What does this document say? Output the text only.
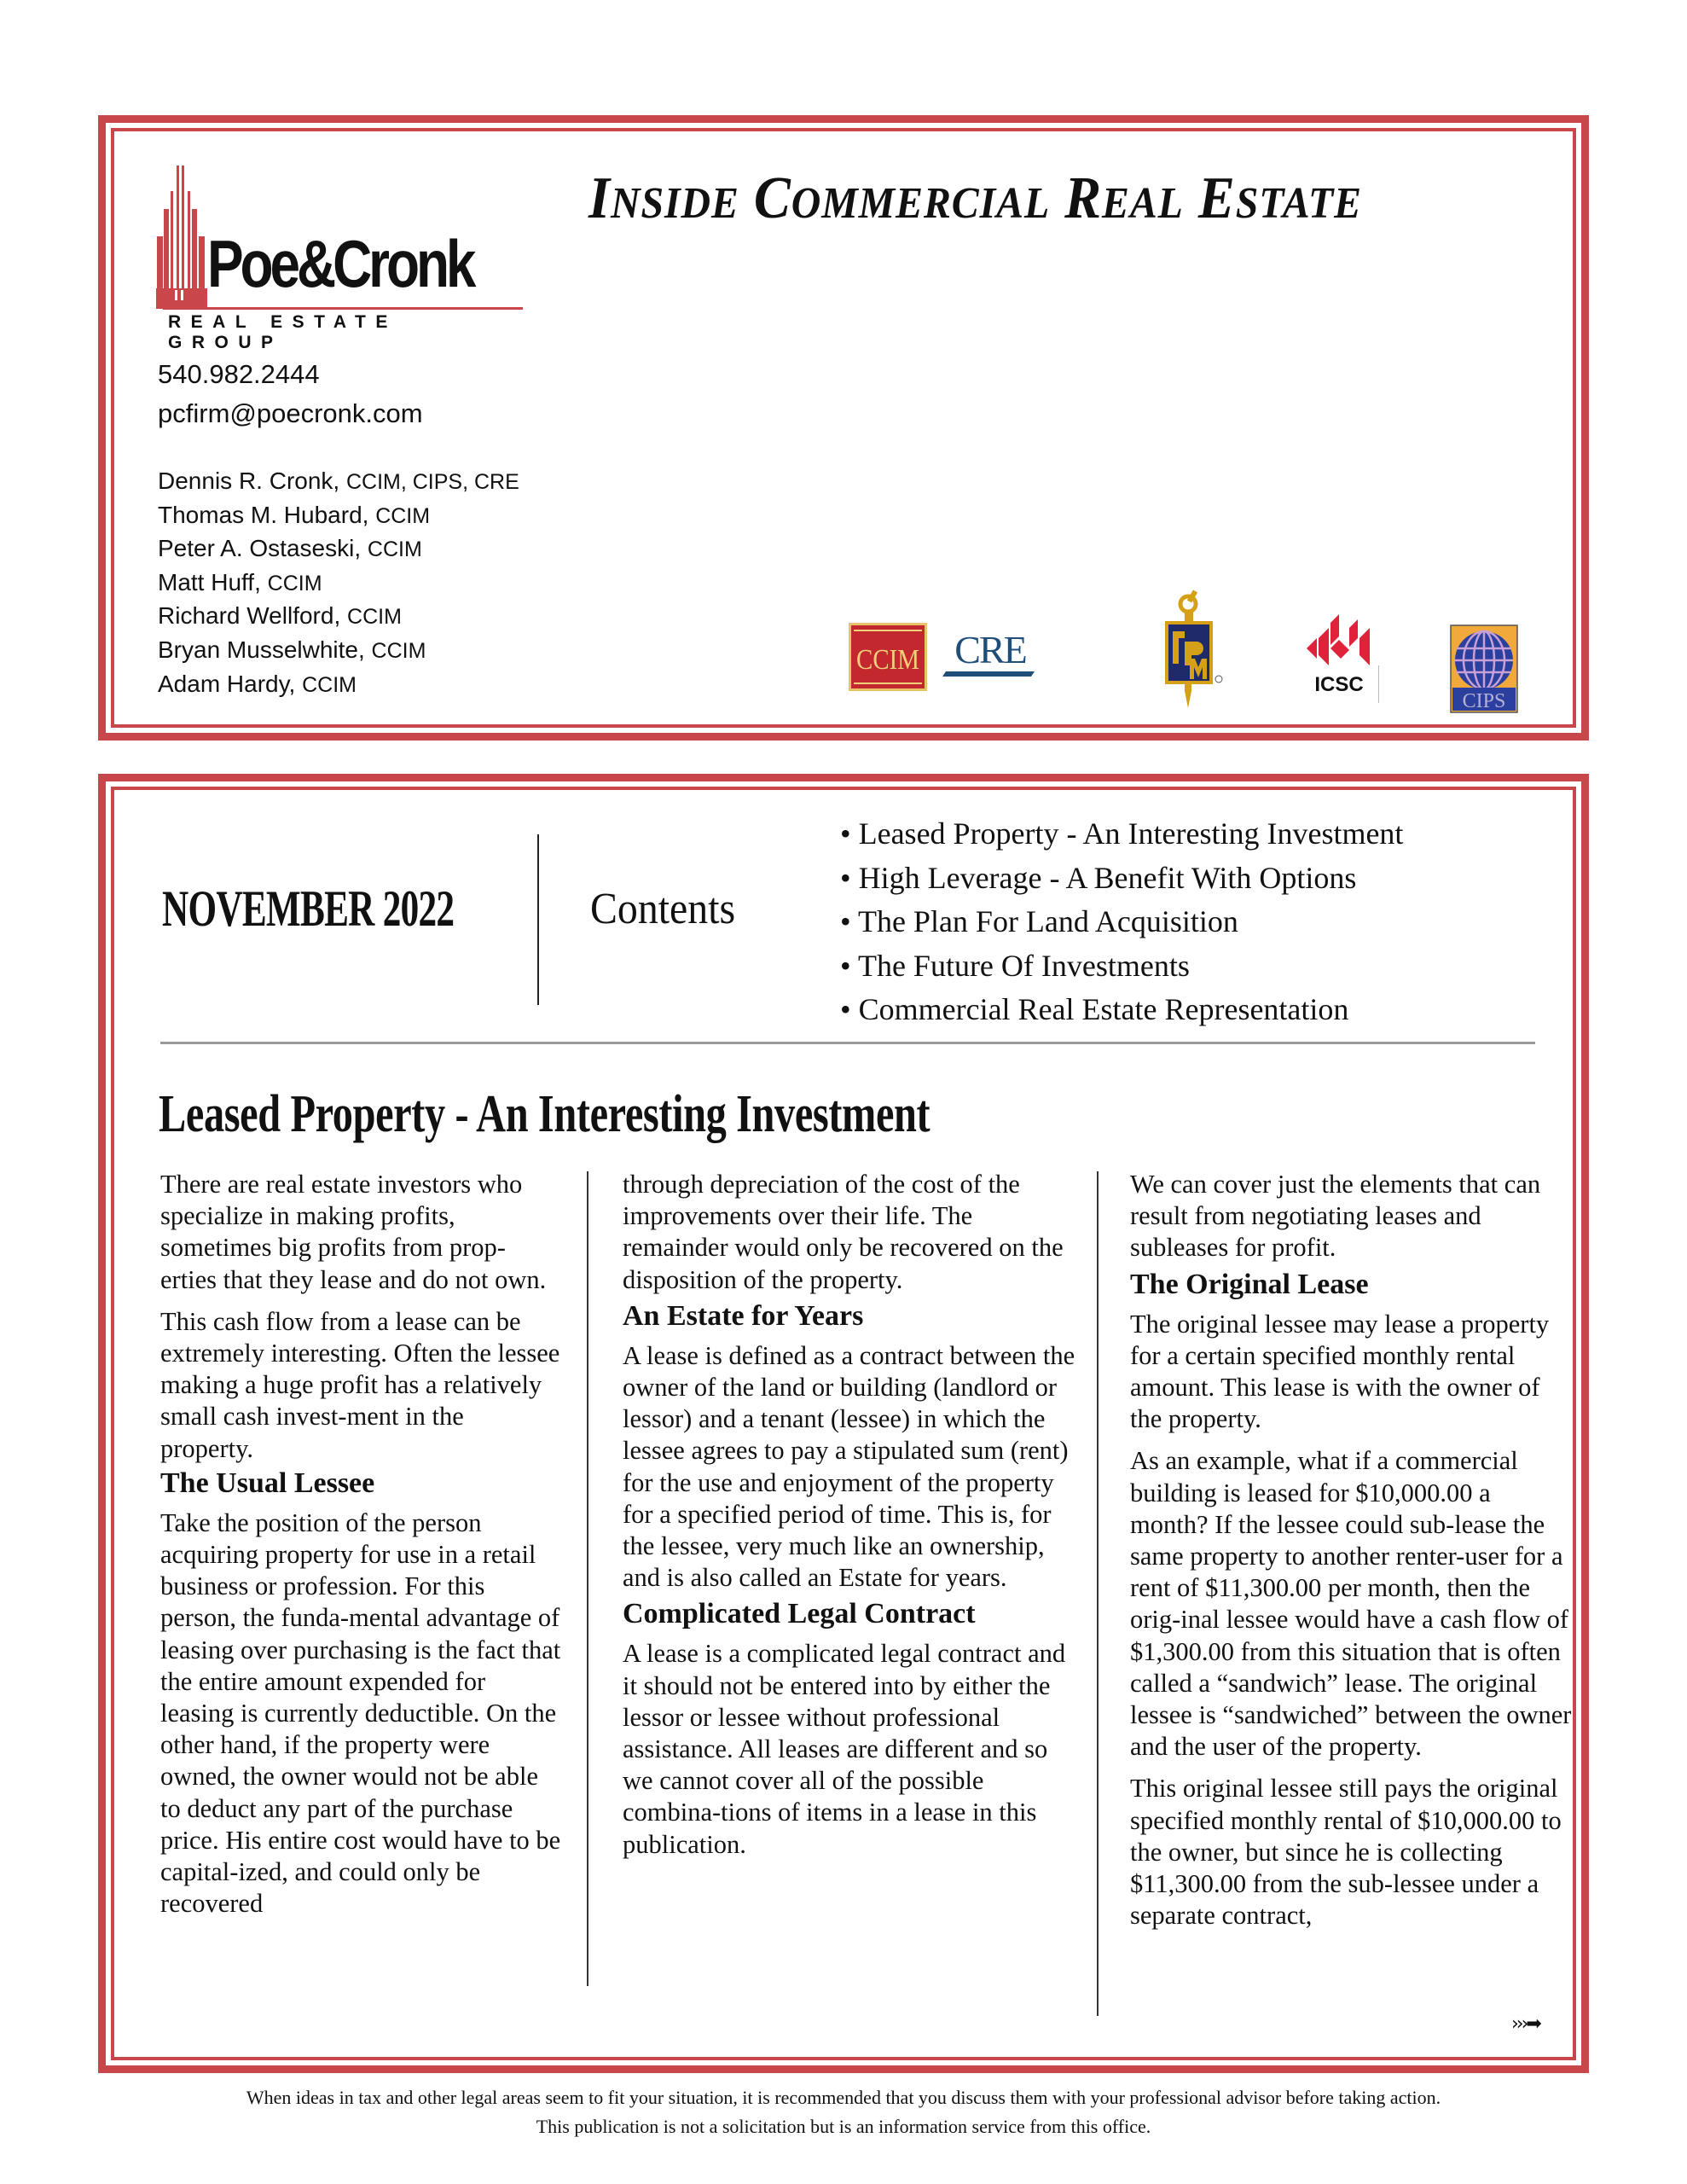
Poe&Cronk
REAL ESTATE GROUP
INSIDE COMMERCIAL REAL ESTATE
540.982.2444
pcfirm@poecronk.com
Dennis R. Cronk, CCIM, CIPS, CRE
Thomas M. Hubard, CCIM
Peter A. Ostaseski, CCIM
Matt Huff, CCIM
Richard Wellford, CCIM
Bryan Musselwhite, CCIM
Adam Hardy, CCIM
CCIM CRE
ICSC
CIPS
NOVEMBER 2022	Contents
• Leased Property - An Interesting Investment
• High Leverage - A Benefit With Options
• The Plan For Land Acquisition
• The Future Of Investments
• Commercial Real Estate Representation
Leased Property - An Interesting Investment

There are real estate investors who specialize in making profits, sometimes big profits from prop-erties that they lease and do not own.

This cash flow from a lease can be extremely interesting. Often the lessee making a huge profit has a relatively small cash invest-ment in the property.

The Usual Lessee

Take the position of the person acquiring property for use in a retail business or profession. For this person, the funda-mental advantage of leasing over purchasing is the fact that the entire amount expended for leasing is currently deductible. On the other hand, if the property were owned, the owner would not be able to deduct any part of the purchase price. His entire cost would have to be capital-ized, and could only be recovered

through depreciation of the cost of the improvements over their life. The remainder would only be recovered on the disposition of the property.

An Estate for Years

A lease is defined as a contract between the owner of the land or building (landlord or lessor) and a tenant (lessee) in which the lessee agrees to pay a stipulated sum (rent) for the use and enjoyment of the property for a specified period of time. This is, for the lessee, very much like an ownership, and is also called an Estate for years.

Complicated Legal Contract

A lease is a complicated legal contract and it should not be entered into by either the lessor or lessee without professional assistance. All leases are different and so we cannot cover all of the possible combina-tions of items in a lease in this publication.

We can cover just the elements that can result from negotiating leases and subleases for profit.

The Original Lease

The original lessee may lease a property for a certain specified monthly rental amount. This lease is with the owner of the property.

As an example, what if a commercial building is leased for $10,000.00 a month? If the lessee could sub-lease the same property to another renter-user for a rent of $11,300.00 per month, then the orig-inal lessee would have a cash flow of $1,300.00 from this situation that is often called a “sandwich” lease. The original lessee is “sandwiched” between the owner and the user of the property.

This original lessee still pays the original specified monthly rental of $10,000.00 to the owner, but since he is collecting $11,300.00 from the sub-lessee under a separate contract,

›››➡
When ideas in tax and other legal areas seem to fit your situation, it is recommended that you discuss them with your professional advisor before taking action.
This publication is not a solicitation but is an information service from this office.
